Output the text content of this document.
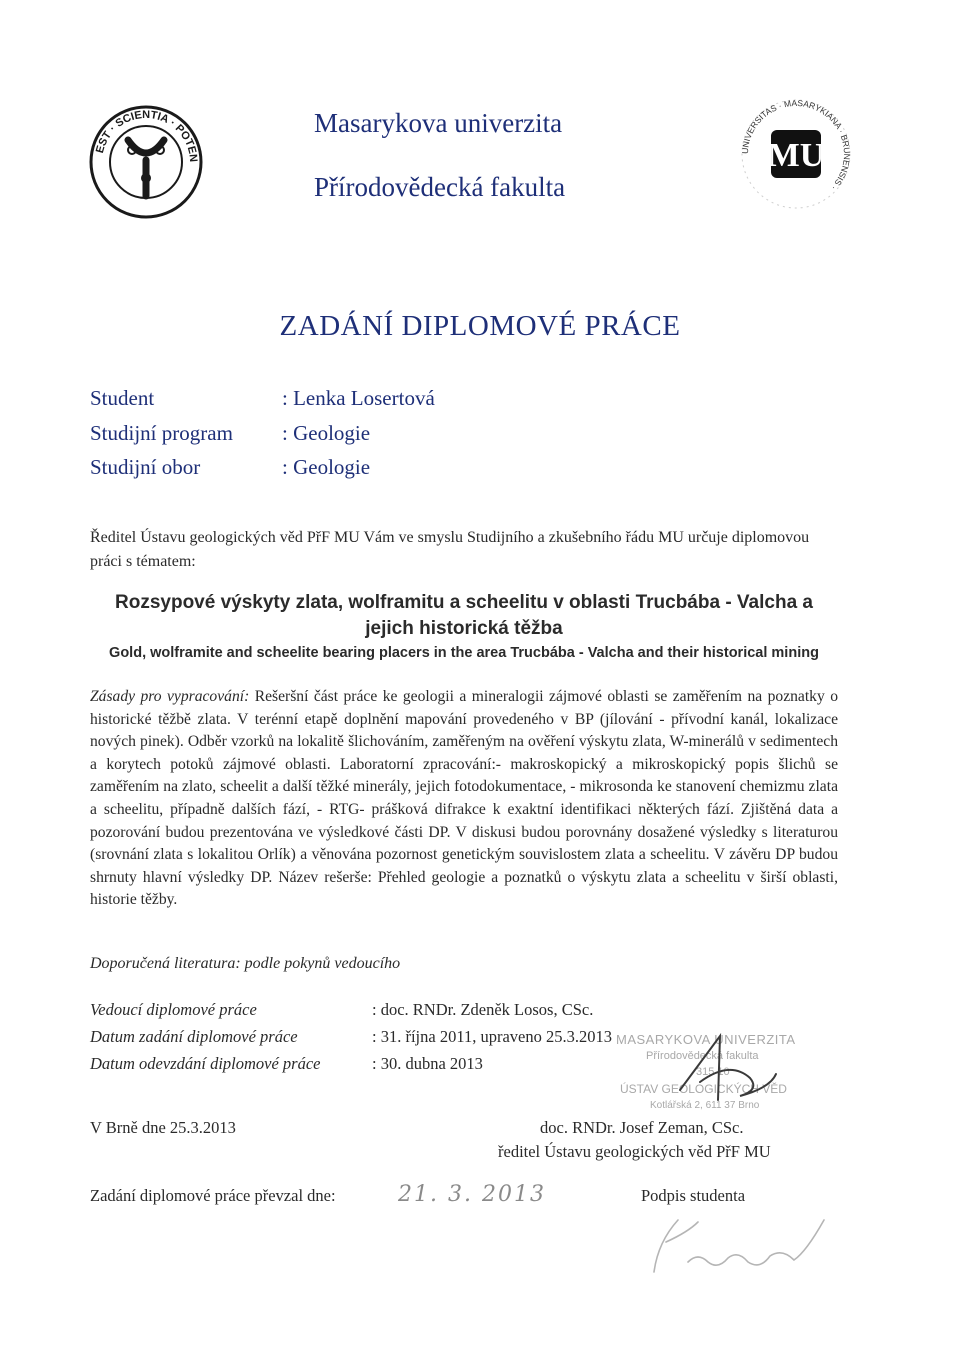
EST · SCIENTIA · POTEN
Masarykova univerzita
Přírodovědecká fakulta
UNIVERSITAS · MASARYKIANA · BRUNENSIS ·
MU
ZADÁNÍ DIPLOMOVÉ PRÁCE
Student	: Lenka Losertová
Studijní program : Geologie
Studijní obor	: Geologie
Ředitel Ústavu geologických věd PřF MU Vám ve smyslu Studijního a zkušebního řádu MU určuje diplomovou práci s tématem:
Rozsypové výskyty zlata, wolframitu a scheelitu v oblasti Trucbába - Valcha a jejich historická těžba
Gold, wolframite and scheelite bearing placers in the area Trucbába - Valcha and their historical mining
Zásady pro vypracování: Rešeršní část práce ke geologii a mineralogii zájmové oblasti se zaměřením na poznatky o historické těžbě zlata. V terénní etapě doplnění mapování provedeného v BP (jílování - přívodní kanál, lokalizace nových pinek). Odběr vzorků na lokalitě šlichováním, zaměřeným na ověření výskytu zlata, W-minerálů v sedimentech a korytech potoků zájmové oblasti. Laboratorní zpracování:- makroskopický a mikroskopický popis šlichů se zaměřením na zlato, scheelit a další těžké minerály, jejich fotodokumentace, - mikrosonda ke stanovení chemizmu zlata a scheelitu, případně dalších fází, - RTG- prášková difrakce k exaktní identifikaci některých fází. Zjištěná data a pozorování budou prezentována ve výsledkové části DP. V diskusi budou porovnány dosažené výsledky s literaturou (srovnání zlata s lokalitou Orlík) a věnována pozornost genetickým souvislostem zlata a scheelitu. V závěru DP budou shrnuty hlavní výsledky DP. Název rešerše: Přehled geologie a poznatků o výskytu zlata a scheelitu v širší oblasti, historie těžby.
Doporučená literatura: podle pokynů vedoucího
Vedoucí diplomové práce	: doc. RNDr. Zdeněk Losos, CSc.
Datum zadání diplomové práce	: 31. října 2011, upraveno 25.3.2013
Datum odevzdání diplomové práce	: 30. dubna 2013
MASARYKOVA UNIVERZITA
Přírodovědecká fakulta
315 10
ÚSTAV GEOLOGICKÝCH VĚD
Kotlářská 2, 611 37 Brno
V Brně dne 25.3.2013	doc. RNDr. Josef Zeman, CSc.
ředitel Ústavu geologických věd PřF MU
Zadání diplomové práce převzal dne:	21. 3. 2013	Podpis studenta
